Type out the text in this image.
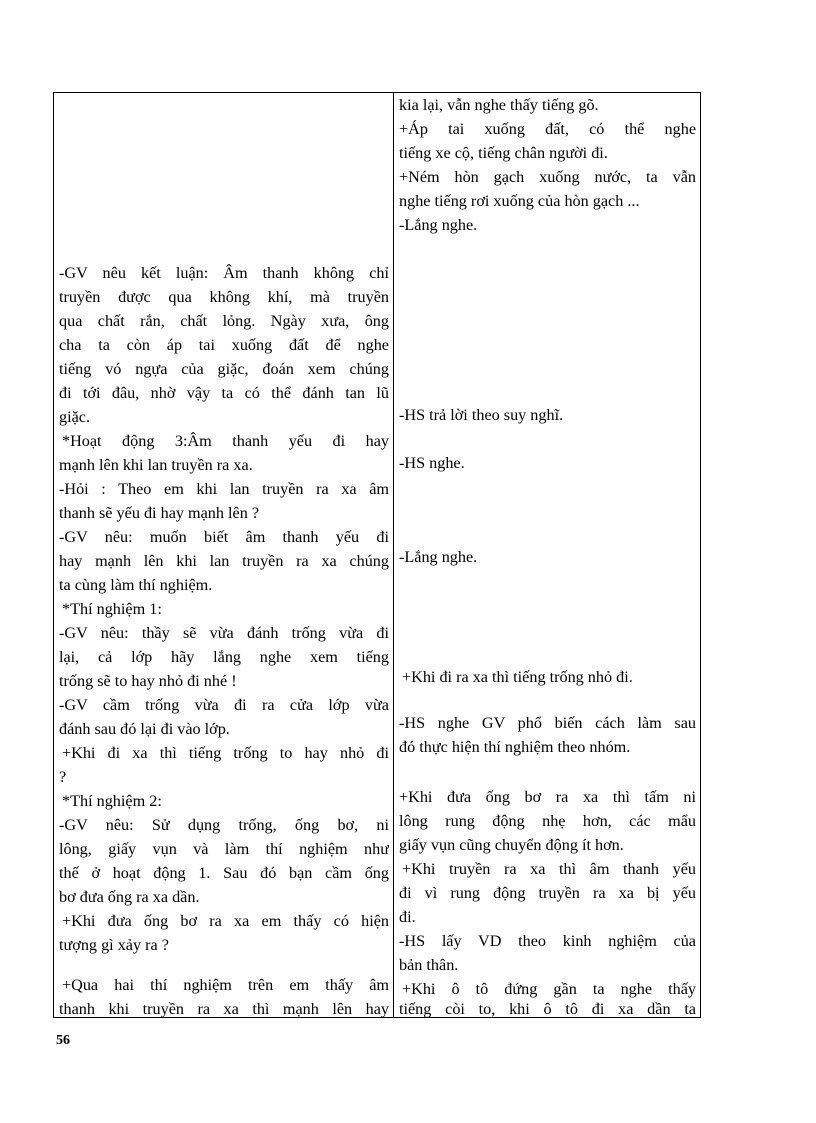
-GV nêu kết luận: Âm thanh không chỉ
truyền được qua không khí, mà truyền
qua chất rắn, chất lỏng. Ngày xưa, ông
cha ta còn áp tai xuống đất để nghe
tiếng vó ngựa của giặc, đoán xem chúng
đi tới đâu, nhờ vậy ta có thể đánh tan lũ
giặc.
*Hoạt động 3:Âm thanh yếu đi hay
mạnh lên khi lan truyền ra xa.
-Hỏi : Theo em khi lan truyền ra xa âm
thanh sẽ yếu đi hay mạnh lên ?
-GV nêu: muốn biết âm thanh yếu đi
hay mạnh lên khi lan truyền ra xa chúng
ta cùng làm thí nghiệm.
*Thí nghiệm 1:
-GV nêu: thầy sẽ vừa đánh trống vừa đi
lại, cả lớp hãy lắng nghe xem tiếng
trống sẽ to hay nhỏ đi nhé !
-GV cầm trống vừa đi ra cửa lớp vừa
đánh sau đó lại đi vào lớp.
+Khi đi xa thì tiếng trống to hay nhỏ đi
?
*Thí nghiệm 2:
-GV nêu: Sử dụng trống, ống bơ, ni
lông, giấy vụn và làm thí nghiệm như
thế ở hoạt động 1. Sau đó bạn cầm ống
bơ đưa ống ra xa dần.
+Khi đưa ống bơ ra xa em thấy có hiện
tượng gì xảy ra ?
+Qua hai thí nghiệm trên em thấy âm
thanh khi truyền ra xa thì mạnh lên hay
kia lại, vẫn nghe thấy tiếng gõ.
+Áp tai xuống đất, có thể nghe
tiếng xe cộ, tiếng chân người đi.
+Ném hòn gạch xuống nước, ta vẫn
nghe tiếng rơi xuống của hòn gạch ...
-Lắng nghe.
-HS trả lời theo suy nghĩ.
-HS nghe.
-Lắng nghe.
+Khi đi ra xa thì tiếng trống nhỏ đi.
-HS nghe GV phổ biến cách làm sau
đó thực hiện thí nghiệm theo nhóm.
+Khi đưa ống bơ ra xa thì tấm ni
lông rung động nhẹ hơn, các mẩu
giấy vụn cũng chuyển động ít hơn.
+Khi truyền ra xa thì âm thanh yếu
đi vì rung động truyền ra xa bị yếu
đi.
-HS lấy VD theo kinh nghiệm của
bản thân.
+Khi ô tô đứng gần ta nghe thấy
tiếng còi to, khi ô tô đi xa dần ta
56
